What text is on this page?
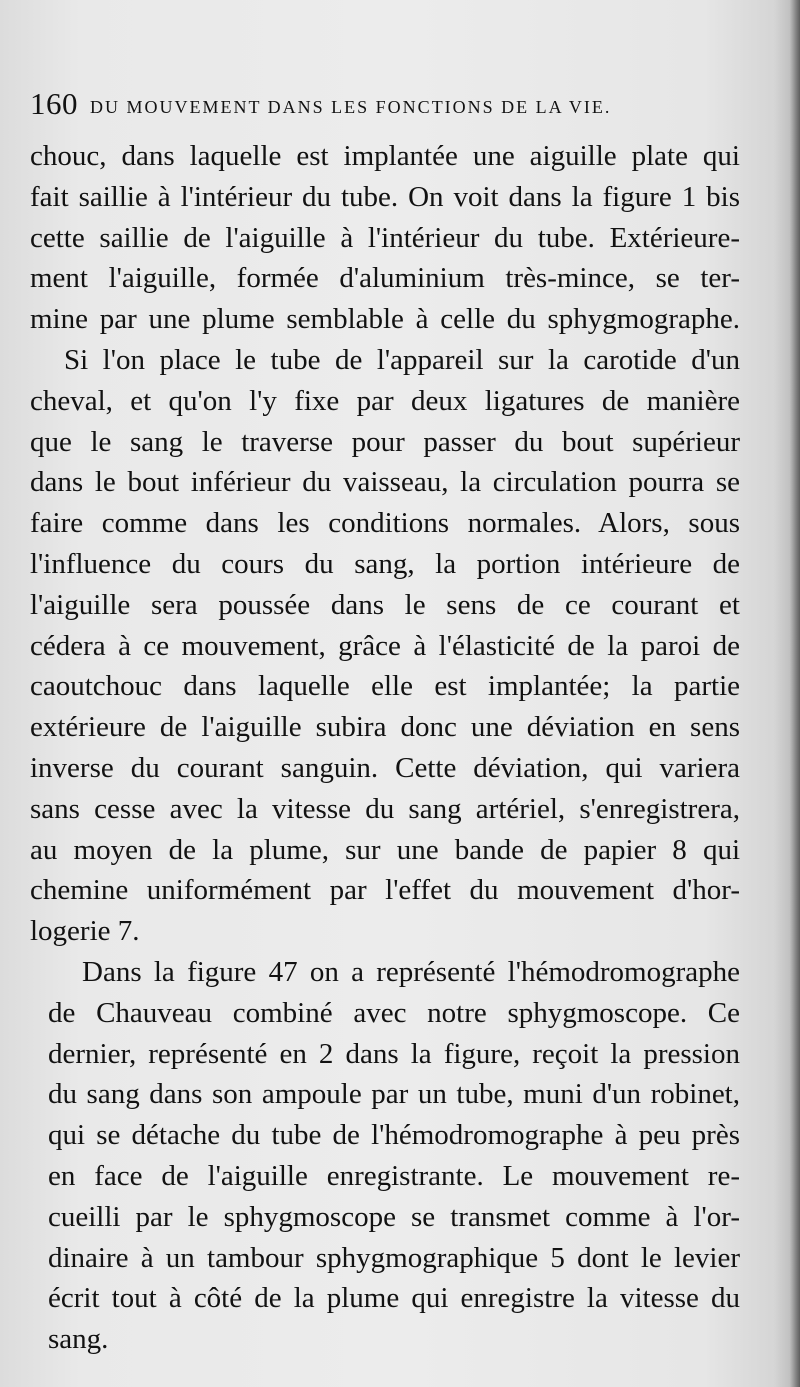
160 DU MOUVEMENT DANS LES FONCTIONS DE LA VIE.
chouc, dans laquelle est implantée une aiguille plate qui
fait saillie à l'intérieur du tube. On voit dans la figure 1 bis
cette saillie de l'aiguille à l'intérieur du tube. Extérieure-
ment l'aiguille, formée d'aluminium très-mince, se ter-
mine par une plume semblable à celle du sphygmographe.
Si l'on place le tube de l'appareil sur la carotide d'un
cheval, et qu'on l'y fixe par deux ligatures de manière
que le sang le traverse pour passer du bout supérieur
dans le bout inférieur du vaisseau, la circulation pourra se
faire comme dans les conditions normales. Alors, sous
l'influence du cours du sang, la portion intérieure de
l'aiguille sera poussée dans le sens de ce courant et
cédera à ce mouvement, grâce à l'élasticité de la paroi de
caoutchouc dans laquelle elle est implantée; la partie
extérieure de l'aiguille subira donc une déviation en sens
inverse du courant sanguin. Cette déviation, qui variera
sans cesse avec la vitesse du sang artériel, s'enregistrera,
au moyen de la plume, sur une bande de papier 8 qui
chemine uniformément par l'effet du mouvement d'hor-
logerie 7.
Dans la figure 47 on a représenté l'hémodromographe
de Chauveau combiné avec notre sphygmoscope. Ce
dernier, représenté en 2 dans la figure, reçoit la pression
du sang dans son ampoule par un tube, muni d'un robinet,
qui se détache du tube de l'hémodromographe à peu près
en face de l'aiguille enregistrante. Le mouvement re-
cueilli par le sphygmoscope se transmet comme à l'or-
dinaire à un tambour sphygmographique 5 dont le levier
écrit tout à côté de la plume qui enregistre la vitesse du
sang.
